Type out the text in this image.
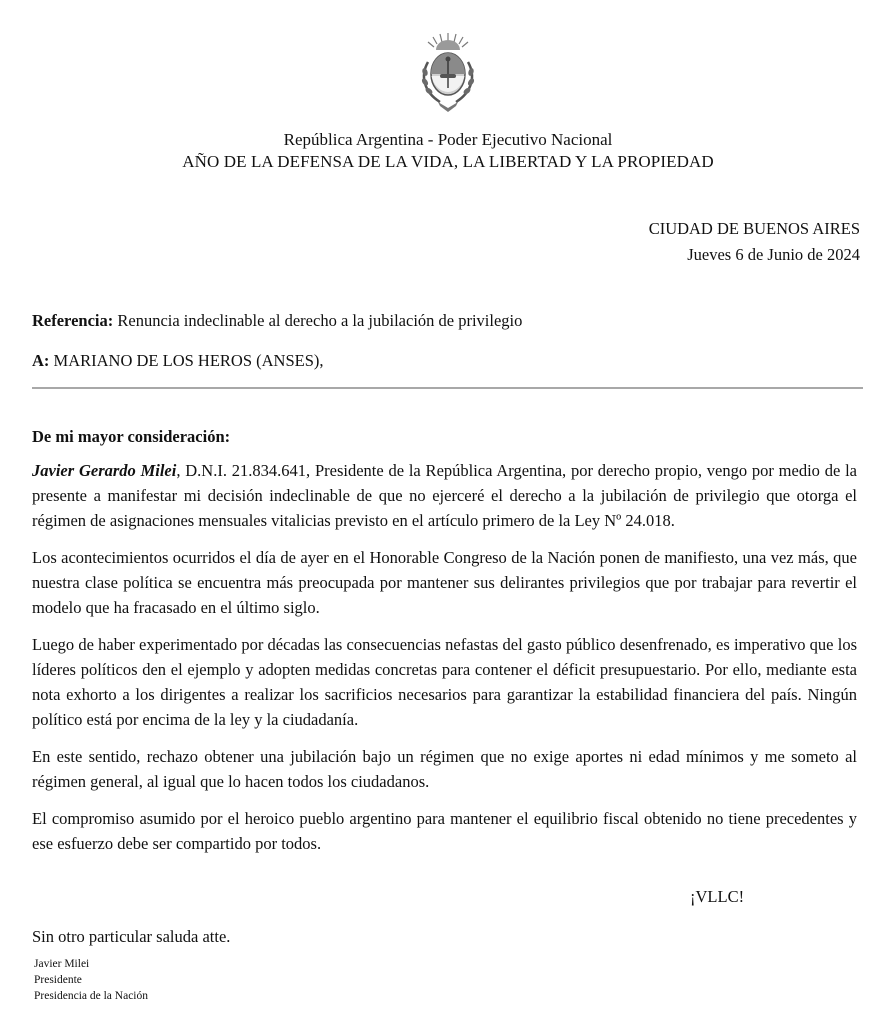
República Argentina - Poder Ejecutivo Nacional
AÑO DE LA DEFENSA DE LA VIDA, LA LIBERTAD Y LA PROPIEDAD
CIUDAD DE BUENOS AIRES
Jueves 6 de Junio de 2024
Referencia: Renuncia indeclinable al derecho a la jubilación de privilegio
A: MARIANO DE LOS HEROS (ANSES),
De mi mayor consideración:

Javier Gerardo Milei, D.N.I. 21.834.641, Presidente de la República Argentina, por derecho propio, vengo por medio de la presente a manifestar mi decisión indeclinable de que no ejerceré el derecho a la jubilación de privilegio que otorga el régimen de asignaciones mensuales vitalicias previsto en el artículo primero de la Ley Nº 24.018.

Los acontecimientos ocurridos el día de ayer en el Honorable Congreso de la Nación ponen de manifiesto, una vez más, que nuestra clase política se encuentra más preocupada por mantener sus delirantes privilegios que por trabajar para revertir el modelo que ha fracasado en el último siglo.

Luego de haber experimentado por décadas las consecuencias nefastas del gasto público desenfrenado, es imperativo que los líderes políticos den el ejemplo y adopten medidas concretas para contener el déficit presupuestario. Por ello, mediante esta nota exhorto a los dirigentes a realizar los sacrificios necesarios para garantizar la estabilidad financiera del país. Ningún político está por encima de la ley y la ciudadanía.

En este sentido, rechazo obtener una jubilación bajo un régimen que no exige aportes ni edad mínimos y me someto al régimen general, al igual que lo hacen todos los ciudadanos.

El compromiso asumido por el heroico pueblo argentino para mantener el equilibrio fiscal obtenido no tiene precedentes y ese esfuerzo debe ser compartido por todos.

¡VLLC!
Sin otro particular saluda atte.
Javier Milei
Presidente
Presidencia de la Nación
